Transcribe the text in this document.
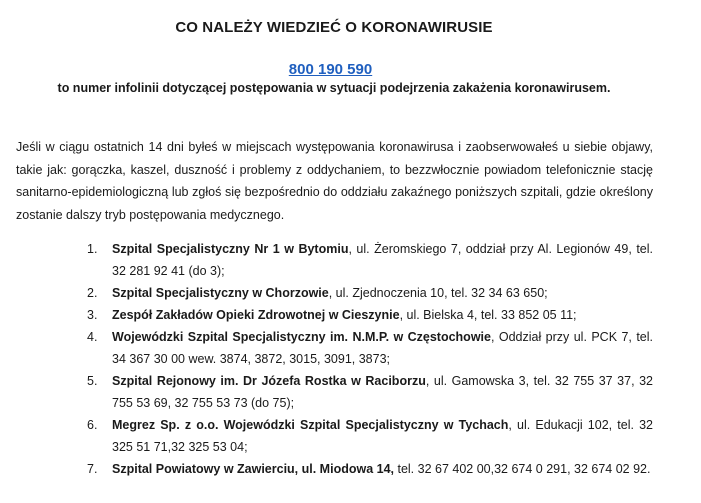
CO NALEŻY WIEDZIEĆ O KORONAWIRUSIE
800 190 590
to numer infolinii dotyczącej postępowania w sytuacji podejrzenia zakażenia koronawirusem.

Jeśli w ciągu ostatnich 14 dni byłeś w miejscach występowania koronawirusa i zaobserwowałeś u siebie objawy, takie jak: gorączka, kaszel, duszność i problemy z oddychaniem, to bezzwłocznie powiadom telefonicznie stację sanitarno-epidemiologiczną lub zgłoś się bezpośrednio do oddziału zakaźnego poniższych szpitali, gdzie określony zostanie dalszy tryb postępowania medycznego.

1. Szpital Specjalistyczny Nr 1 w Bytomiu, ul. Żeromskiego 7, oddział przy Al. Legionów 49, tel. 32 281 92 41 (do 3);
2. Szpital Specjalistyczny w Chorzowie, ul. Zjednoczenia 10, tel. 32 34 63 650;
3. Zespół Zakładów Opieki Zdrowotnej w Cieszynie, ul. Bielska 4, tel. 33 852 05 11;
4. Wojewódzki Szpital Specjalistyczny im. N.M.P. w Częstochowie, Oddział przy ul. PCK 7, tel. 34 367 30 00 wew. 3874, 3872, 3015, 3091, 3873;
5. Szpital Rejonowy im. Dr Józefa Rostka w Raciborzu, ul. Gamowska 3, tel. 32 755 37 37, 32 755 53 69, 32 755 53 73 (do 75);
6. Megrez Sp. z o.o. Wojewódzki Szpital Specjalistyczny w Tychach, ul. Edukacji 102, tel. 32 325 51 71,32 325 53 04;
7. Szpital Powiatowy w Zawierciu, ul. Miodowa 14, tel. 32 67 402 00,32 674 0 291, 32 674 02 92.
